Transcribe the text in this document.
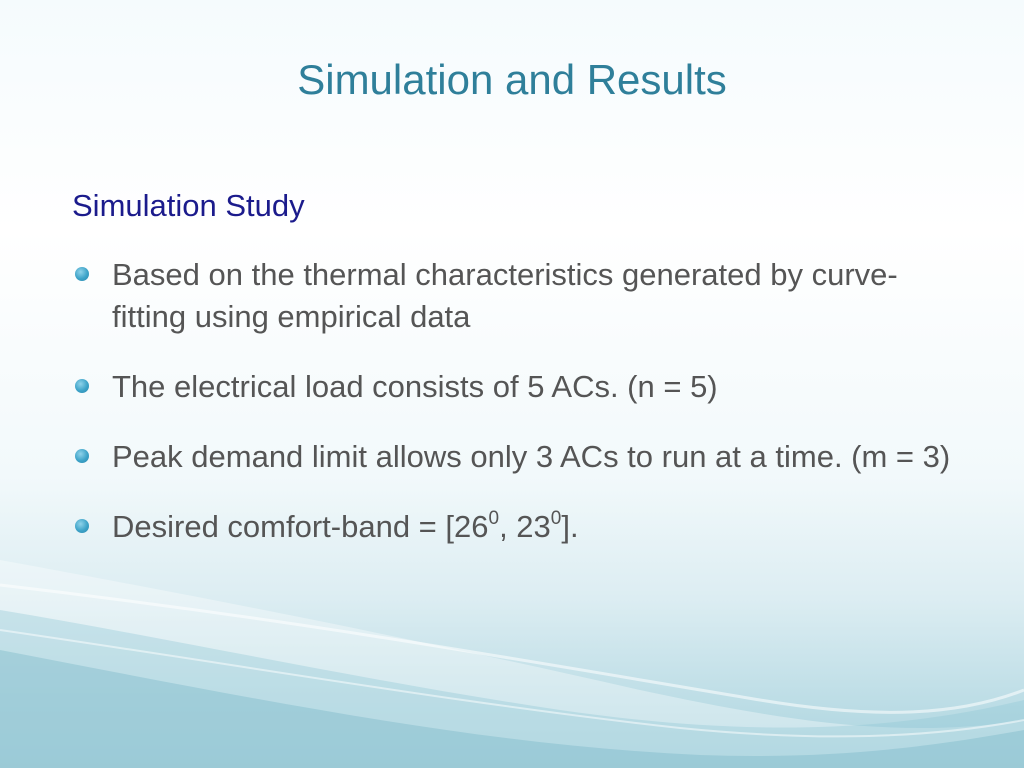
Simulation and Results
Simulation Study
Based on the thermal characteristics generated by curve-fitting using empirical data
The electrical load consists of 5 ACs. (n = 5)
Peak demand limit allows only 3 ACs to run at a time. (m = 3)
Desired comfort-band = [$26^0$, $23^0$].
